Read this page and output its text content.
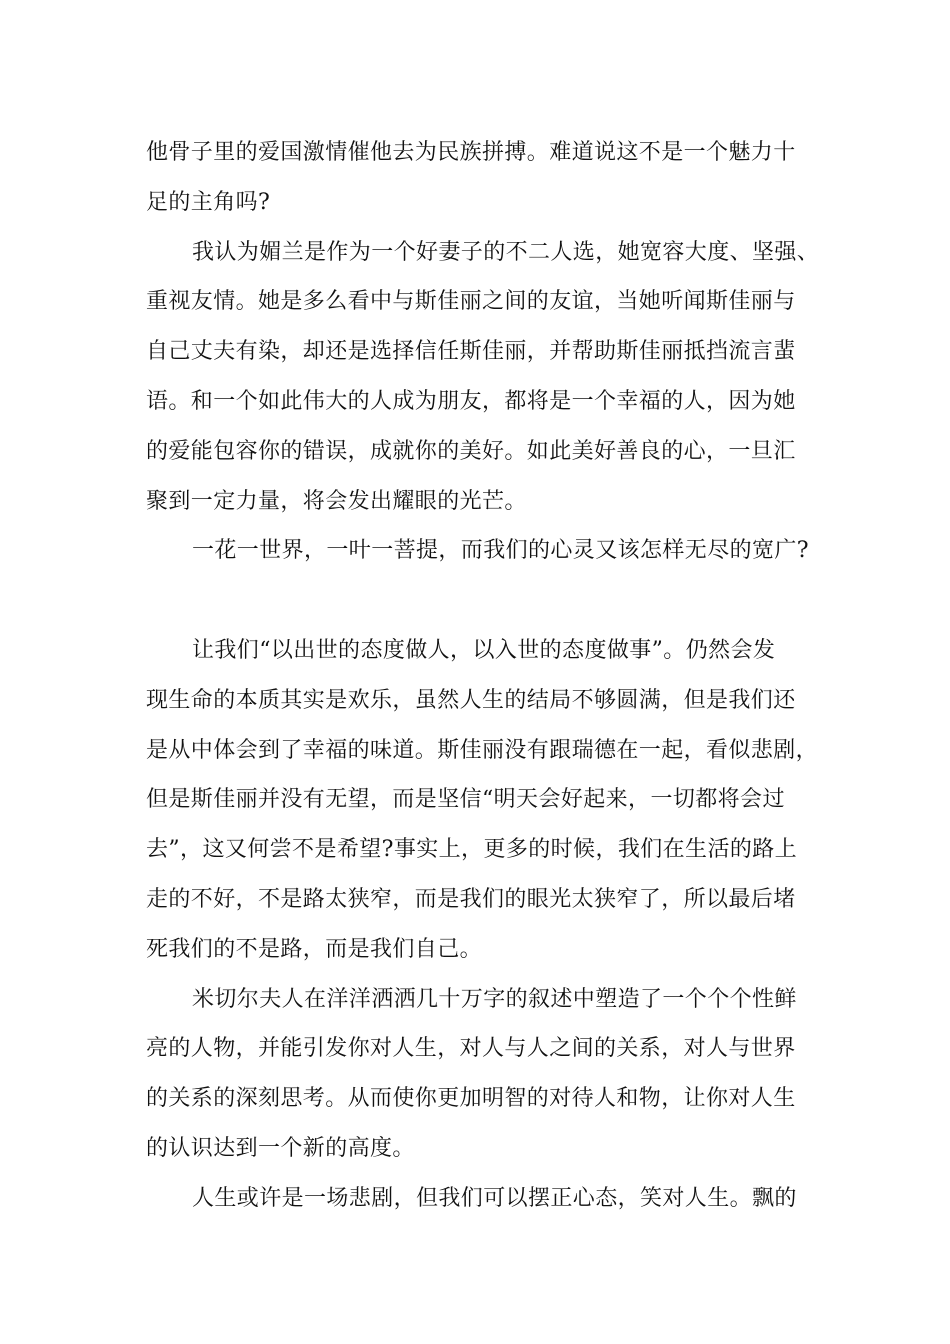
他骨子里的爱国激情催他去为民族拼搏。难道说这不是一个魅力十
足的主角吗?
我认为媚兰是作为一个好妻子的不二人选，她宽容大度、坚强、
重视友情。她是多么看中与斯佳丽之间的友谊，当她听闻斯佳丽与
自己丈夫有染，却还是选择信任斯佳丽，并帮助斯佳丽抵挡流言蜚
语。和一个如此伟大的人成为朋友，都将是一个幸福的人，因为她
的爱能包容你的错误，成就你的美好。如此美好善良的心，一旦汇
聚到一定力量，将会发出耀眼的光芒。
一花一世界，一叶一菩提，而我们的心灵又该怎样无尽的宽广?
让我们“以出世的态度做人，以入世的态度做事”。仍然会发
现生命的本质其实是欢乐，虽然人生的结局不够圆满，但是我们还
是从中体会到了幸福的味道。斯佳丽没有跟瑞德在一起，看似悲剧，
但是斯佳丽并没有无望，而是坚信“明天会好起来，一切都将会过
去”，这又何尝不是希望?事实上，更多的时候，我们在生活的路上
走的不好，不是路太狭窄，而是我们的眼光太狭窄了，所以最后堵
死我们的不是路，而是我们自己。
米切尔夫人在洋洋洒洒几十万字的叙述中塑造了一个个个性鲜
亮的人物，并能引发你对人生，对人与人之间的关系，对人与世界
的关系的深刻思考。从而使你更加明智的对待人和物，让你对人生
的认识达到一个新的高度。
人生或许是一场悲剧，但我们可以摆正心态，笑对人生。飘的
